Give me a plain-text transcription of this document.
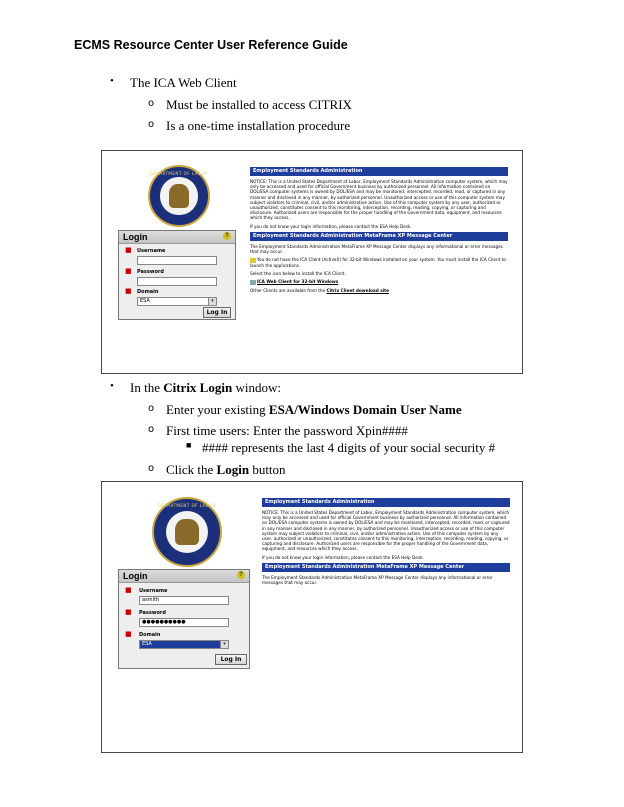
ECMS Resource Center User Reference Guide
• The ICA Web Client
o Must be installed to access CITRIX
o Is a one-time installation procedure
DEPARTMENT OF LABOR
Login	?
■ Username
■ Password
■ Domain
ESA	▾
Log In
Employment Standards Administration

NOTICE: This is a United States Department of Labor, Employment Standards Administration computer system, which may only be accessed and used for official Government business by authorized personnel. All information contained on DOL/ESA computer systems is owned by DOL/ESA and may be monitored, intercepted, recorded, read, or captured in any manner and disclosed in any manner, by authorized personnel. Unauthorized access or use of this computer system may subject violators to criminal, civil, and/or administrative action. Use of this computer system by any user, authorized or unauthorized, constitutes consent to this monitoring, interception, recording, reading, copying, or capturing and disclosure. Authorized users are responsible for the proper handling of the Government data, equipment, and resources which they access.

If you do not know your login information, please contact the ESA Help Desk.

Employment Standards Administration MetaFrame XP Message Center

The Employment Standards Administration MetaFrame XP Message Center displays any informational or error messages that may occur.

You do not have the ICA Client (ActiveX) for 32-bit Windows installed on your system. You must install the ICA Client to launch the applications.

Select the icon below to install the ICA Client.

ICA Web Client for 32-bit Windows

Other Clients are available from the Citrix Client download site

• In the Citrix Login window:
o Enter your existing ESA/Windows Domain User Name
o First time users: Enter the password Xpin####
■ #### represents the last 4 digits of your social security #
o Click the Login button
DEPARTMENT OF LABOR
Login	?
■ Username
asmith
■ Password
●●●●●●●●●●
■ Domain
ESA	▾
Log In
Employment Standards Administration

NOTICE: This is a United States Department of Labor, Employment Standards Administration computer system, which may only be accessed and used for official Government business by authorized personnel. All information contained on DOL/ESA computer systems is owned by DOL/ESA and may be monitored, intercepted, recorded, read, or captured in any manner and disclosed in any manner, by authorized personnel. Unauthorized access or use of this computer system may subject violators to criminal, civil, and/or administrative action. Use of this computer system by any user, authorized or unauthorized, constitutes consent to this monitoring, interception, recording, reading, copying, or capturing and disclosure. Authorized users are responsible for the proper handling of the Government data, equipment, and resources which they access.

If you do not know your login information, please contact the ESA Help Desk.

Employment Standards Administration MetaFrame XP Message Center

The Employment Standards Administration MetaFrame XP Message Center displays any informational or error messages that may occur.
